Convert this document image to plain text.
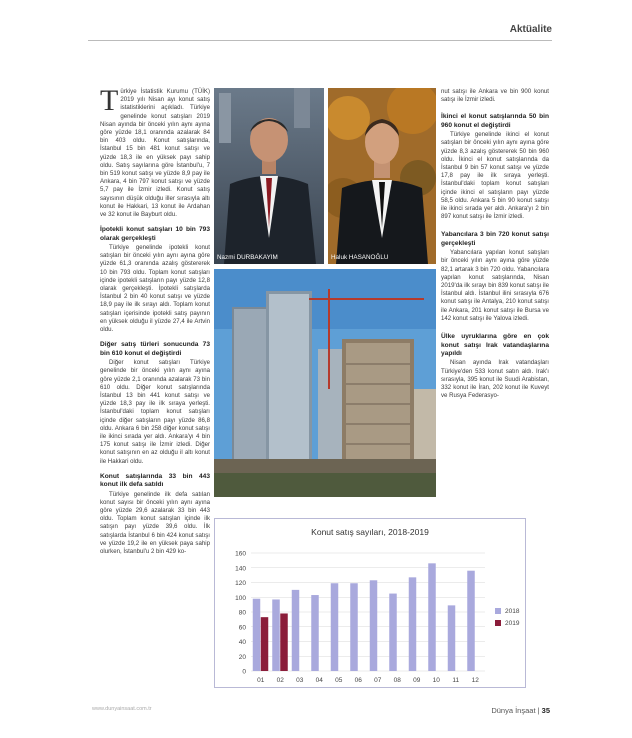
Aktüalite

Türkiye İstatistik Kurumu (TÜİK) 2019 yılı Nisan ayı konut satış istatistiklerini açıkladı. Türkiye genelinde konut satışları 2019 Nisan ayında bir önceki yılın aynı ayına göre yüzde 18,1 oranında azalarak 84 bin 403 oldu. Konut satışlarında, İstanbul 15 bin 481 konut satışı ve yüzde 18,3 ile en yüksek payı sahip oldu. Satış sayılarına göre İstanbul'u, 7 bin 519 konut satışı ve yüzde 8,9 pay ile Ankara, 4 bin 797 konut satışı ve yüzde 5,7 pay ile İzmir izledi. Konut satış sayısının düşük olduğu iller sırasıyla altı konut ile Hakkari, 13 konut ile Ardahan ve 32 konut ile Bayburt oldu.

İpotekli konut satışları 10 bin 793 olarak gerçekleşti

Türkiye genelinde ipotekli konut satışları bir önceki yılın aynı ayına göre yüzde 61,3 oranında azalış göstererek 10 bin 793 oldu. Toplam konut satışları içinde ipotekli satışların payı yüzde 12,8 olarak gerçekleşti. İpotekli satışlarda İstanbul 2 bin 40 konut satışı ve yüzde 18,9 pay ile ilk sırayı aldı. Toplam konut satışları içerisinde ipotekli satış payının en yüksek olduğu il yüzde 27,4 ile Artvin oldu.

Diğer satış türleri sonucunda 73 bin 610 konut el değiştirdi

Diğer konut satışları Türkiye genelinde bir önceki yılın aynı ayına göre yüzde 2,1 oranında azalarak 73 bin 610 oldu. Diğer konut satışlarında İstanbul 13 bin 441 konut satışı ve yüzde 18,3 pay ile ilk sıraya yerleşti. İstanbul'daki toplam konut satışları içinde diğer satışların payı yüzde 86,8 oldu. Ankara 6 bin 258 diğer konut satışı ile ikinci sırada yer aldı. Ankara'yı 4 bin 175 konut satışı ile İzmir izledi. Diğer konut satışının en az olduğu il altı konut ile Hakkari oldu.

Konut satışlarında 33 bin 443 konut ilk defa satıldı

Türkiye genelinde ilk defa satılan konut sayısı bir önceki yılın aynı ayına göre yüzde 29,6 azalarak 33 bin 443 oldu. Toplam konut satışları içinde ilk satışın payı yüzde 39,6 oldu. İlk satışlarda İstanbul 6 bin 424 konut satışı ve yüzde 19,2 ile en yüksek paya sahip olurken, İstanbul'u 2 bin 429 ko-

nut satışı ile Ankara ve bin 900 konut satışı ile İzmir izledi.

İkinci el konut satışlarında 50 bin 960 konut el değiştirdi

Türkiye genelinde ikinci el konut satışları bir önceki yılın aynı ayına göre yüzde 8,3 azalış göstererek 50 bin 960 oldu. İkinci el konut satışlarında da İstanbul 9 bin 57 konut satışı ve yüzde 17,8 pay ile ilk sıraya yerleşti. İstanbul'daki toplam konut satışları içinde ikinci el satışların payı yüzde 58,5 oldu. Ankara 5 bin 90 konut satışı ile ikinci sırada yer aldı. Ankara'yı 2 bin 897 konut satışı ile İzmir izledi.

Yabancılara 3 bin 720 konut satışı gerçekleşti

Yabancılara yapılan konut satışları bir önceki yılın aynı ayına göre yüzde 82,1 artarak 3 bin 720 oldu. Yabancılara yapılan konut satışlarında, Nisan 2019'da ilk sırayı bin 839 konut satışı ile İstanbul aldı. İstanbul ilini sırasıyla 676 konut satışı ile Antalya, 210 konut satışı ile Ankara, 201 konut satışı ile Bursa ve 142 konut satışı ile Yalova izledi.

Ülke uyruklarına göre en çok konut satışı Irak vatandaşlarına yapıldı

Nisan ayında Irak vatandaşları Türkiye'den 533 konut satın aldı. Irak'ı sırasıyla, 395 konut ile Suudi Arabistan, 332 konut ile İran, 202 konut ile Kuveyt ve Rusya Federasyo-

Nazmi DURBAKAYIM	Haluk HASANOĞLU
Konut satış sayıları, 2018-2019
0
20
40
60
80
100
120
140
160
01 02 03 04 05 06 07 08 09 10 11 12
2018
2019
www.dunyainsaat.com.tr	Dünya İnşaat | 35
